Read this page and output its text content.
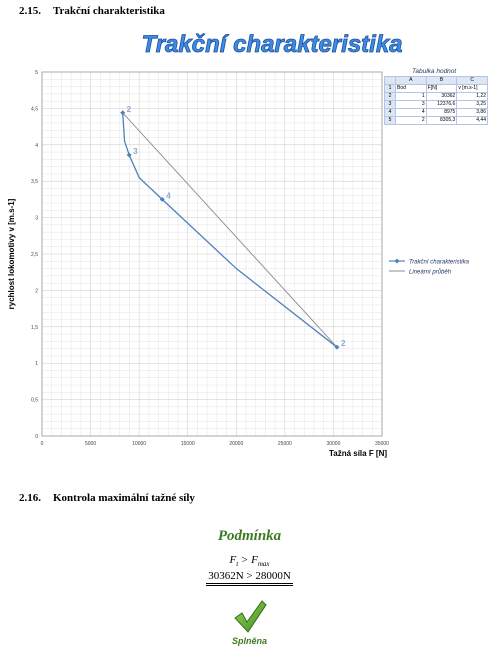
2.15. Trakční charakteristika
0	5000	10000	15000	20000	25000	30000	35000
0
0,5
1
1,5
2
2,5
3
3,5
4
4,5
5
2
3
4
2
Trakční charakteristika
rychlost lokomotivy v [m.s-1]
Tažná síla F [N]
Trakční charakteristika
Lineární průběh
Tabulka hodnot
	A	B	C
1	Bod	F[N]	v [m.s-1]
2	1	30362	1,22
3	3	12376,6	3,25
4	4	8975	3,86
5	2	8305,3	4,44
2.16. Kontrola maximální tažné síly
Podmínka
$F_t > F_{max}$
30362N > 28000N
Splněna
